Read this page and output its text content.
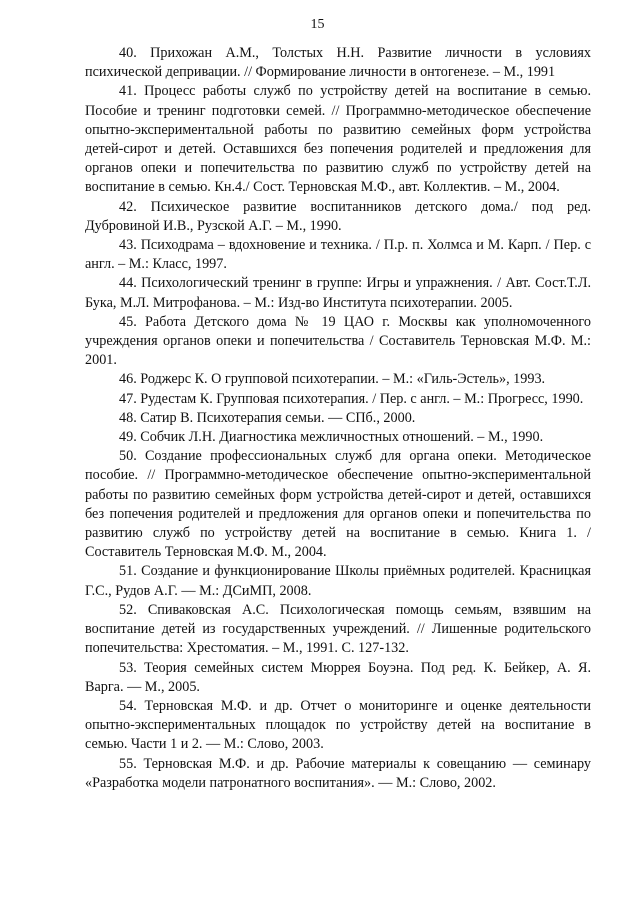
15
40. Прихожан А.М., Толстых Н.Н. Развитие личности в условиях психической депривации. // Формирование личности в онтогенезе. – М., 1991
41. Процесс работы служб по устройству детей на воспитание в семью. Пособие и тренинг подготовки семей. // Программно-методическое обеспечение опытно-экспериментальной работы по развитию семейных форм устройства детей-сирот и детей. Оставшихся без попечения родителей и предложения для органов опеки и попечительства по развитию служб по устройству детей на воспитание в семью. Кн.4./ Сост. Терновская М.Ф., авт. Коллектив. – М., 2004.
42. Психическое развитие воспитанников детского дома./ под ред. Дубровиной И.В., Рузской А.Г. – М., 1990.
43. Психодрама – вдохновение и техника. / П.р. п. Холмса и М. Карп. / Пер. с англ. – М.: Класс, 1997.
44. Психологический тренинг в группе: Игры и упражнения. / Авт. Сост.Т.Л. Бука, М.Л. Митрофанова. – М.: Изд-во Института психотерапии. 2005.
45. Работа Детского дома № 19 ЦАО г. Москвы как уполномоченного учреждения органов опеки и попечительства / Составитель Терновская М.Ф. М.: 2001.
46. Роджерс К. О групповой психотерапии. – М.: «Гиль-Эстель», 1993.
47. Рудестам К. Групповая психотерапия. / Пер. с англ. – М.: Прогресс, 1990.
48. Сатир В. Психотерапия семьи. — СПб., 2000.
49. Собчик Л.Н. Диагностика межличностных отношений. – М., 1990.
50. Создание профессиональных служб для органа опеки. Методическое пособие. // Программно-методическое обеспечение опытно-экспериментальной работы по развитию семейных форм устройства детей-сирот и детей, оставшихся без попечения родителей и предложения для органов опеки и попечительства по развитию служб по устройству детей на воспитание в семью. Книга 1. /Составитель Терновская М.Ф. М., 2004.
51. Создание и функционирование Школы приёмных родителей. Красницкая Г.С., Рудов А.Г. — М.: ДСиМП, 2008.
52. Спиваковская А.С. Психологическая помощь семьям, взявшим на воспитание детей из государственных учреждений. // Лишенные родительского попечительства: Хрестоматия. – М., 1991. С. 127-132.
53. Теория семейных систем Мюррея Боуэна. Под ред. К. Бейкер, А. Я. Варга. — М., 2005.
54. Терновская М.Ф. и др. Отчет о мониторинге и оценке деятельности опытно-экспериментальных площадок по устройству детей на воспитание в семью. Части 1 и 2. — М.: Слово, 2003.
55. Терновская М.Ф. и др. Рабочие материалы к совещанию — семинару «Разработка модели патронатного воспитания». — М.: Слово, 2002.
